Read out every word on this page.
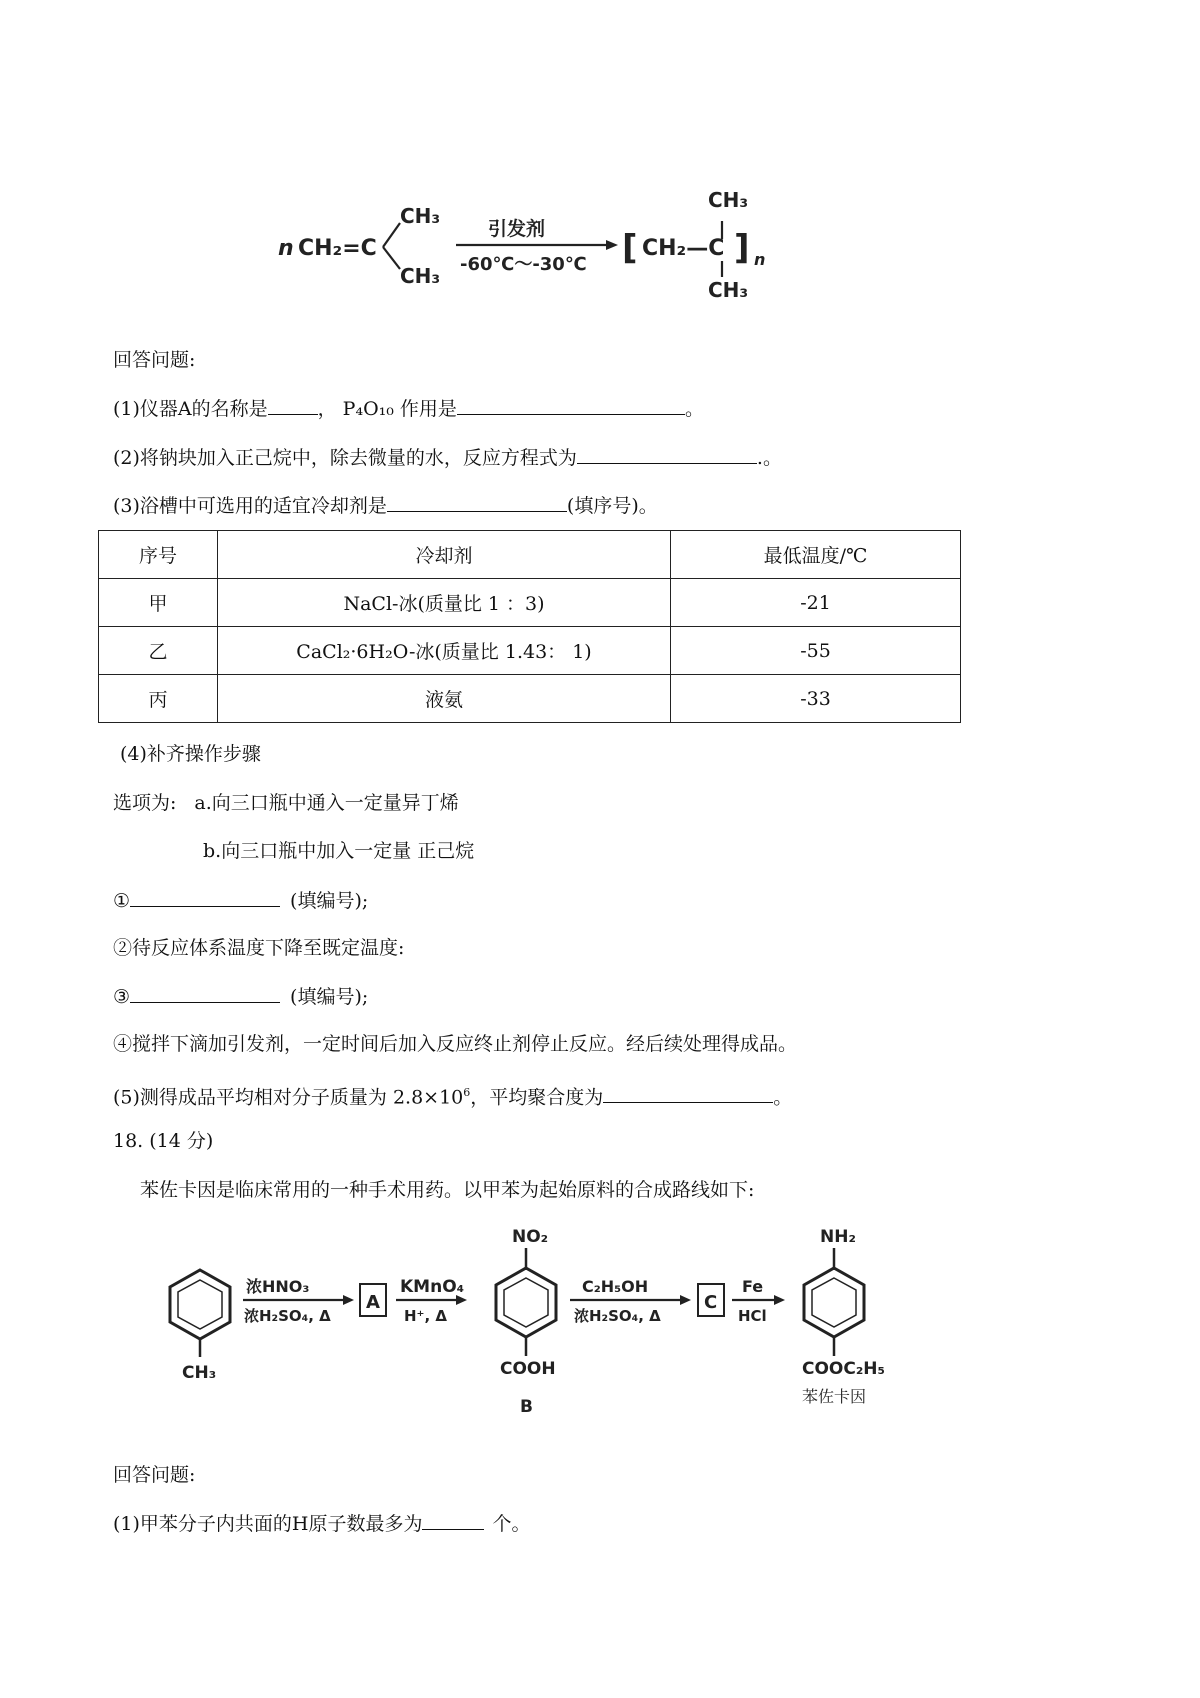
n CH₂=C
CH₃
CH₃
引发剂
-60℃～-30℃ [ CH₂—C
CH₃
CH₃
] n
回答问题:
(1)仪器A的名称是	， P₄O₁₀ 作用是	。
(2)将钠块加入正己烷中，除去微量的水，反应方程式为	.。
(3)浴槽中可选用的适宜冷却剂是	(填序号)。
序号	冷却剂	最低温度/℃
甲	NaCl-冰(质量比 1 ：3)	-21
乙	CaCl₂·6H₂O-冰(质量比 1.43： 1)	-55
丙	液氨	-33
(4)补齐操作步骤
选项为: a.向三口瓶中通入一定量异丁烯
b.向三口瓶中加入一定量 正己烷
①	(填编号);
②待反应体系温度下降至既定温度:
③	(填编号);
④搅拌下滴加引发剂，一定时间后加入反应终止剂停止反应。经后续处理得成品。
(5)测得成品平均相对分子质量为 $2.8\times 10^6$，平均聚合度为	。
18. (14 分)
苯佐卡因是临床常用的一种手术用药。以甲苯为起始原料的合成路线如下:
CH₃
浓HNO₃
浓H₂SO₄, Δ
A
KMnO₄
H⁺, Δ
NO₂
COOH
B
C₂H₅OH
浓H₂SO₄, Δ
C
Fe
HCl
NH₂
COOC₂H₅
苯佐卡因
回答问题:
(1)甲苯分子内共面的H原子数最多为	个。
